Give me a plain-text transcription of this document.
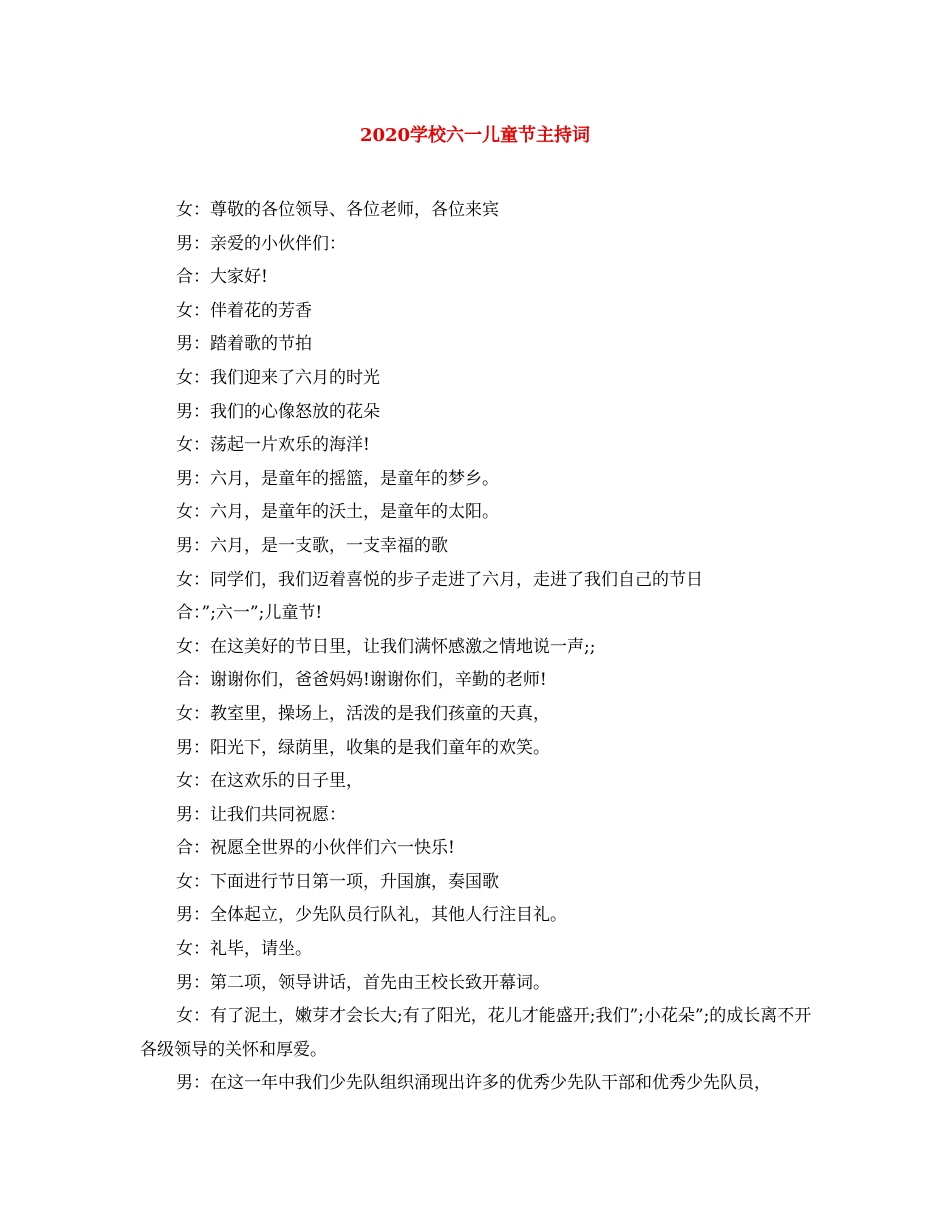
2020学校六一儿童节主持词

女：尊敬的各位领导、各位老师，各位来宾

男：亲爱的小伙伴们：

合：大家好!

女：伴着花的芳香

男：踏着歌的节拍

女：我们迎来了六月的时光

男：我们的心像怒放的花朵

女：荡起一片欢乐的海洋!

男：六月，是童年的摇篮，是童年的梦乡。

女：六月，是童年的沃土，是童年的太阳。

男：六月，是一支歌，一支幸福的歌

女：同学们，我们迈着喜悦的步子走进了六月，走进了我们自己的节日

合：”;六一”;儿童节!

女：在这美好的节日里，让我们满怀感激之情地说一声;;

合：谢谢你们，爸爸妈妈!谢谢你们，辛勤的老师!

女：教室里，操场上，活泼的是我们孩童的天真，

男：阳光下，绿荫里，收集的是我们童年的欢笑。

女：在这欢乐的日子里，

男：让我们共同祝愿：

合：祝愿全世界的小伙伴们六一快乐!

女：下面进行节日第一项，升国旗，奏国歌

男：全体起立，少先队员行队礼，其他人行注目礼。

女：礼毕，请坐。

男：第二项，领导讲话，首先由王校长致开幕词。

女：有了泥土，嫩芽才会长大;有了阳光，花儿才能盛开;我们”;小花朵”;的成长离不开各级领导的关怀和厚爱。

男：在这一年中我们少先队组织涌现出许多的优秀少先队干部和优秀少先队员，
